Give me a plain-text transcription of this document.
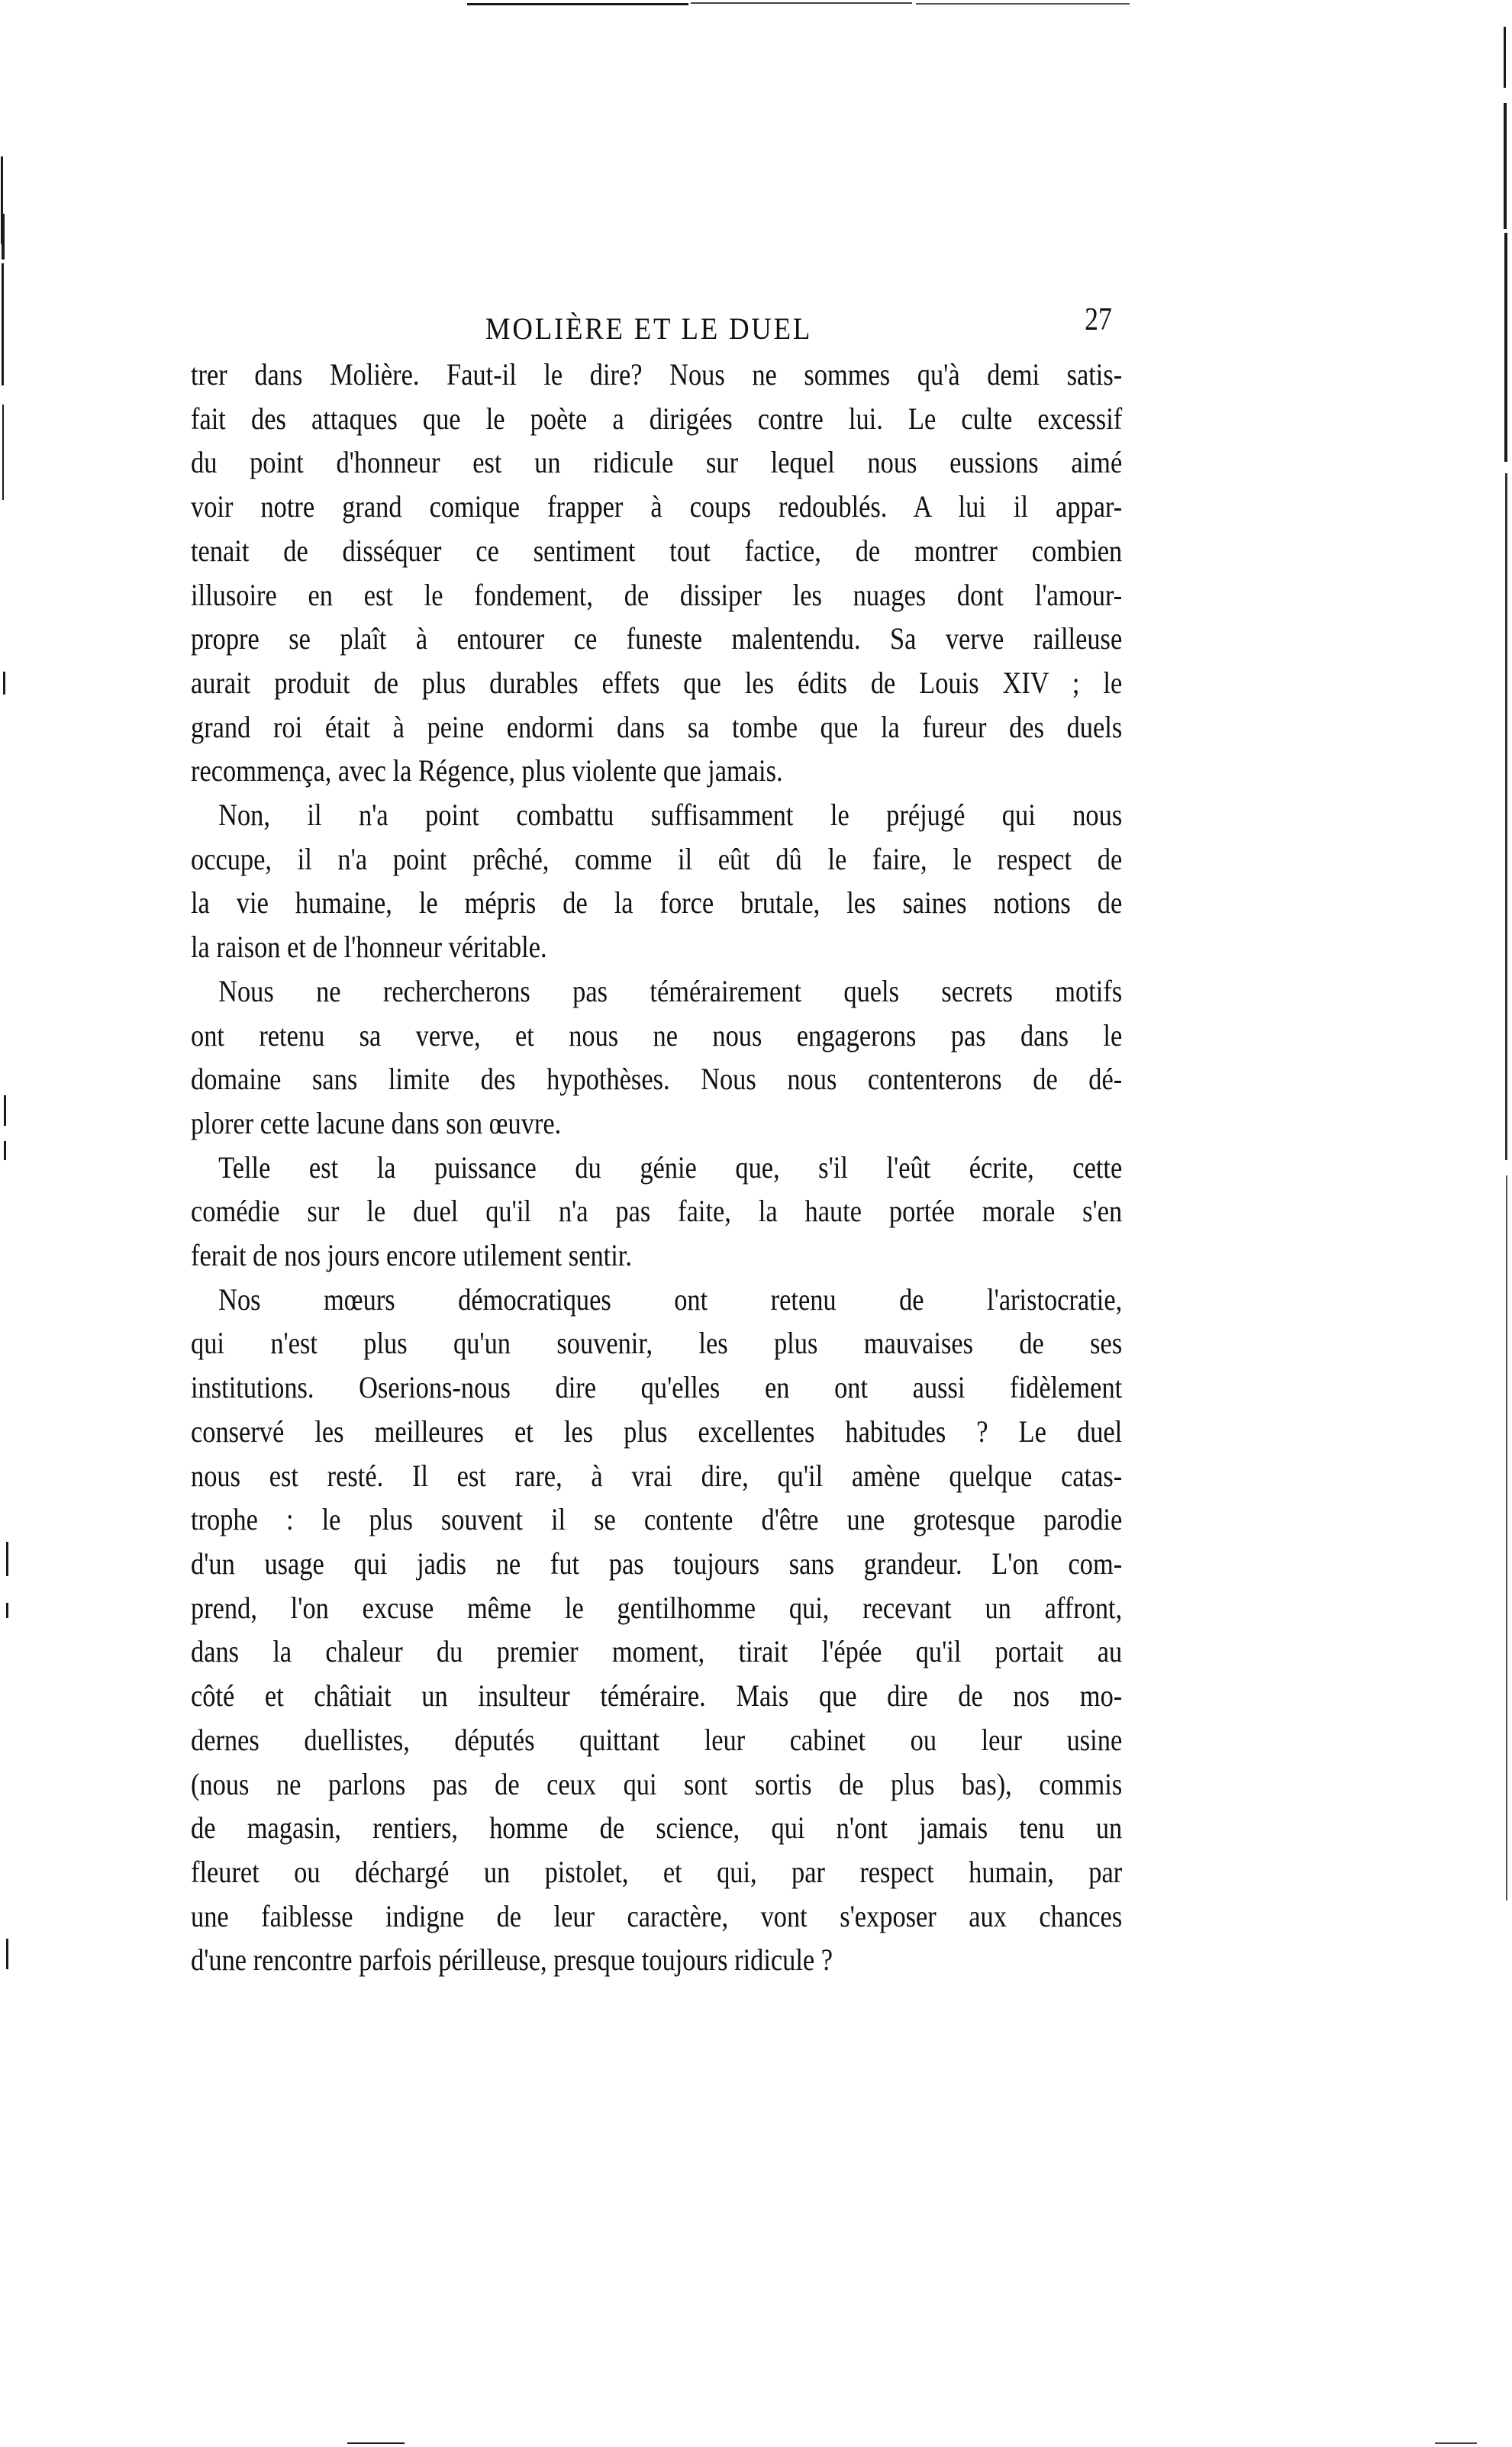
MOLIÈRE ET LE DUEL	27

trer dans Molière. Faut-il le dire? Nous ne sommes qu'à demi satis-
fait des attaques que le poète a dirigées contre lui. Le culte excessif
du point d'honneur est un ridicule sur lequel nous eussions aimé
voir notre grand comique frapper à coups redoublés. A lui il appar-
tenait de disséquer ce sentiment tout factice, de montrer combien
illusoire en est le fondement, de dissiper les nuages dont l'amour-
propre se plaît à entourer ce funeste malentendu. Sa verve railleuse
aurait produit de plus durables effets que les édits de Louis XIV ; le
grand roi était à peine endormi dans sa tombe que la fureur des duels
recommença, avec la Régence, plus violente que jamais.

Non, il n'a point combattu suffisamment le préjugé qui nous
occupe, il n'a point prêché, comme il eût dû le faire, le respect de
la vie humaine, le mépris de la force brutale, les saines notions de
la raison et de l'honneur véritable.

Nous ne rechercherons pas témérairement quels secrets motifs
ont retenu sa verve, et nous ne nous engagerons pas dans le
domaine sans limite des hypothèses. Nous nous contenterons de dé-
plorer cette lacune dans son œuvre.

Telle est la puissance du génie que, s'il l'eût écrite, cette
comédie sur le duel qu'il n'a pas faite, la haute portée morale s'en
ferait de nos jours encore utilement sentir.

Nos mœurs démocratiques ont retenu de l'aristocratie,
qui n'est plus qu'un souvenir, les plus mauvaises de ses
institutions. Oserions-nous dire qu'elles en ont aussi fidèlement
conservé les meilleures et les plus excellentes habitudes ? Le duel
nous est resté. Il est rare, à vrai dire, qu'il amène quelque catas-
trophe : le plus souvent il se contente d'être une grotesque parodie
d'un usage qui jadis ne fut pas toujours sans grandeur. L'on com-
prend, l'on excuse même le gentilhomme qui, recevant un affront,
dans la chaleur du premier moment, tirait l'épée qu'il portait au
côté et châtiait un insulteur téméraire. Mais que dire de nos mo-
dernes duellistes, députés quittant leur cabinet ou leur usine
(nous ne parlons pas de ceux qui sont sortis de plus bas), commis
de magasin, rentiers, homme de science, qui n'ont jamais tenu un
fleuret ou déchargé un pistolet, et qui, par respect humain, par
une faiblesse indigne de leur caractère, vont s'exposer aux chances
d'une rencontre parfois périlleuse, presque toujours ridicule ?
